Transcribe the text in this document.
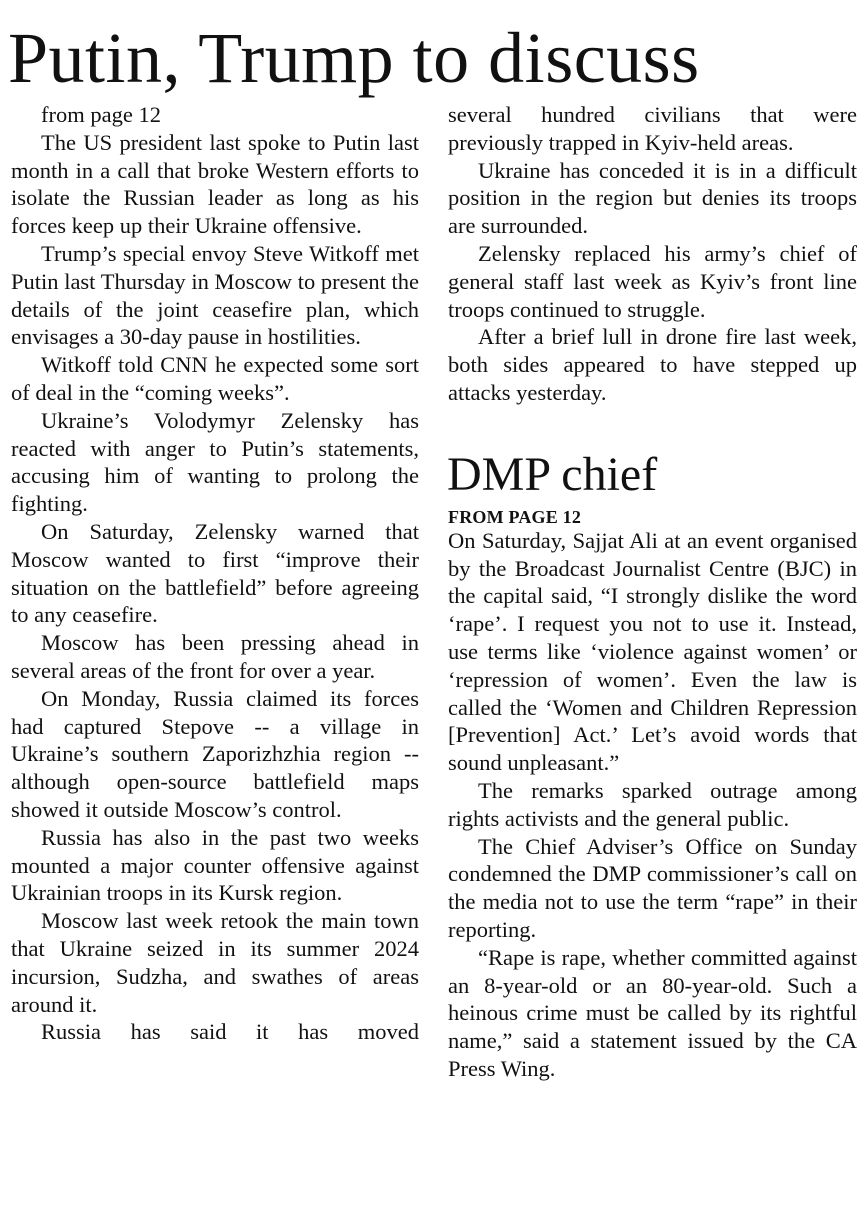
Putin, Trump to discuss

from page 12

The US president last spoke to Putin last month in a call that broke Western efforts to isolate the Russian leader as long as his forces keep up their Ukraine offensive.

Trump’s special envoy Steve Witkoff met Putin last Thursday in Moscow to present the details of the joint ceasefire plan, which envisages a 30-day pause in hostilities.

Witkoff told CNN he expected some sort of deal in the “coming weeks”.

Ukraine’s Volodymyr Zelensky has reacted with anger to Putin’s statements, accusing him of wanting to prolong the fighting.

On Saturday, Zelensky warned that Moscow wanted to first “improve their situation on the battlefield” before agreeing to any ceasefire.

Moscow has been pressing ahead in several areas of the front for over a year.

On Monday, Russia claimed its forces had captured Stepove -- a village in Ukraine’s southern Zaporizhzhia region -- although open-source battlefield maps showed it outside Moscow’s control.

Russia has also in the past two weeks mounted a major counter offensive against Ukrainian troops in its Kursk region.

Moscow last week retook the main town that Ukraine seized in its summer 2024 incursion, Sudzha, and swathes of areas around it.

Russia has said it has moved

several hundred civilians that were previously trapped in Kyiv-held areas.

Ukraine has conceded it is in a difficult position in the region but denies its troops are surrounded.

Zelensky replaced his army’s chief of general staff last week as Kyiv’s front line troops continued to struggle.

After a brief lull in drone fire last week, both sides appeared to have stepped up attacks yesterday.

DMP chief

FROM PAGE 12

On Saturday, Sajjat Ali at an event organised by the Broadcast Journalist Centre (BJC) in the capital said, “I strongly dislike the word ‘rape’. I request you not to use it. Instead, use terms like ‘violence against women’ or ‘repression of women’. Even the law is called the ‘Women and Children Repression [Prevention] Act.’ Let’s avoid words that sound unpleasant.”

The remarks sparked outrage among rights activists and the general public.

The Chief Adviser’s Office on Sunday condemned the DMP commissioner’s call on the media not to use the term “rape” in their reporting.

“Rape is rape, whether committed against an 8-year-old or an 80-year-old. Such a heinous crime must be called by its rightful name,” said a statement issued by the CA Press Wing.
